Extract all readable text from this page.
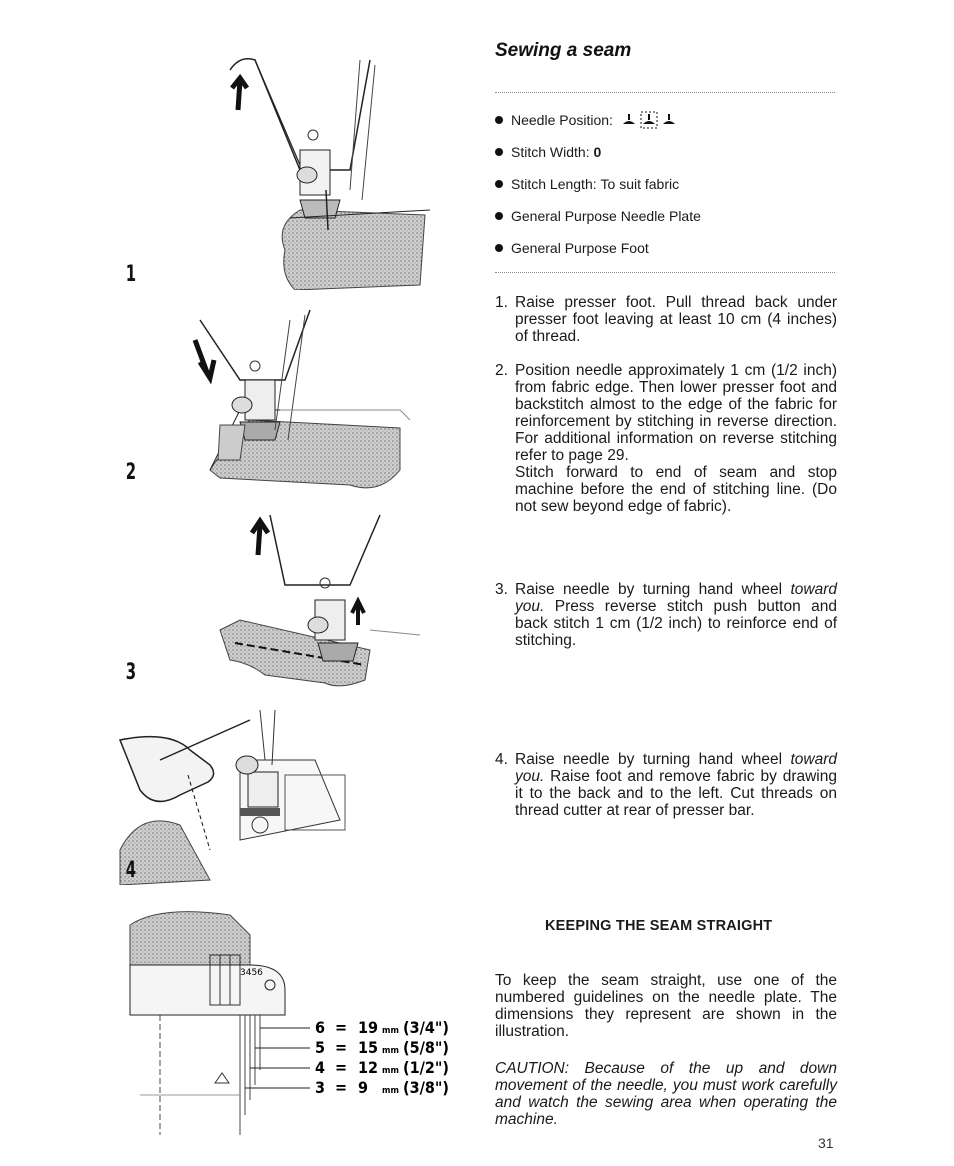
1
2
3
4
3456
6 = 19 mm (3/4")
5 = 15 mm (5/8")
4 = 12 mm (1/2")
3 = 9 mm (3/8")
Sewing a seam
Needle Position:
Stitch Width:
0
Stitch Length:
To suit fabric
General Purpose Needle Plate
General Purpose Foot
1. Raise presser foot. Pull thread back under presser foot leaving at least 10 cm (4 inches) of thread.

2. Position needle approximately 1 cm (1/2 inch) from fabric edge. Then lower presser foot and backstitch almost to the edge of the fabric for reinforcement by stitching in reverse direction. For additional information on reverse stitching refer to page 29.

Stitch forward to end of seam and stop machine before the end of stitching line. (Do not sew beyond edge of fabric).

3. Raise needle by turning hand wheel toward you. Press reverse stitch push button and back stitch 1 cm (1/2 inch) to reinforce end of stitching.

4. Raise needle by turning hand wheel toward you. Raise foot and remove fabric by drawing it to the back and to the left. Cut threads on thread cutter at rear of presser bar.

KEEPING THE SEAM STRAIGHT

To keep the seam straight, use one of the numbered guidelines on the needle plate. The dimensions they represent are shown in the illustration.

CAUTION: Because of the up and down movement of the needle, you must work carefully and watch the sewing area when operating the machine.

31
